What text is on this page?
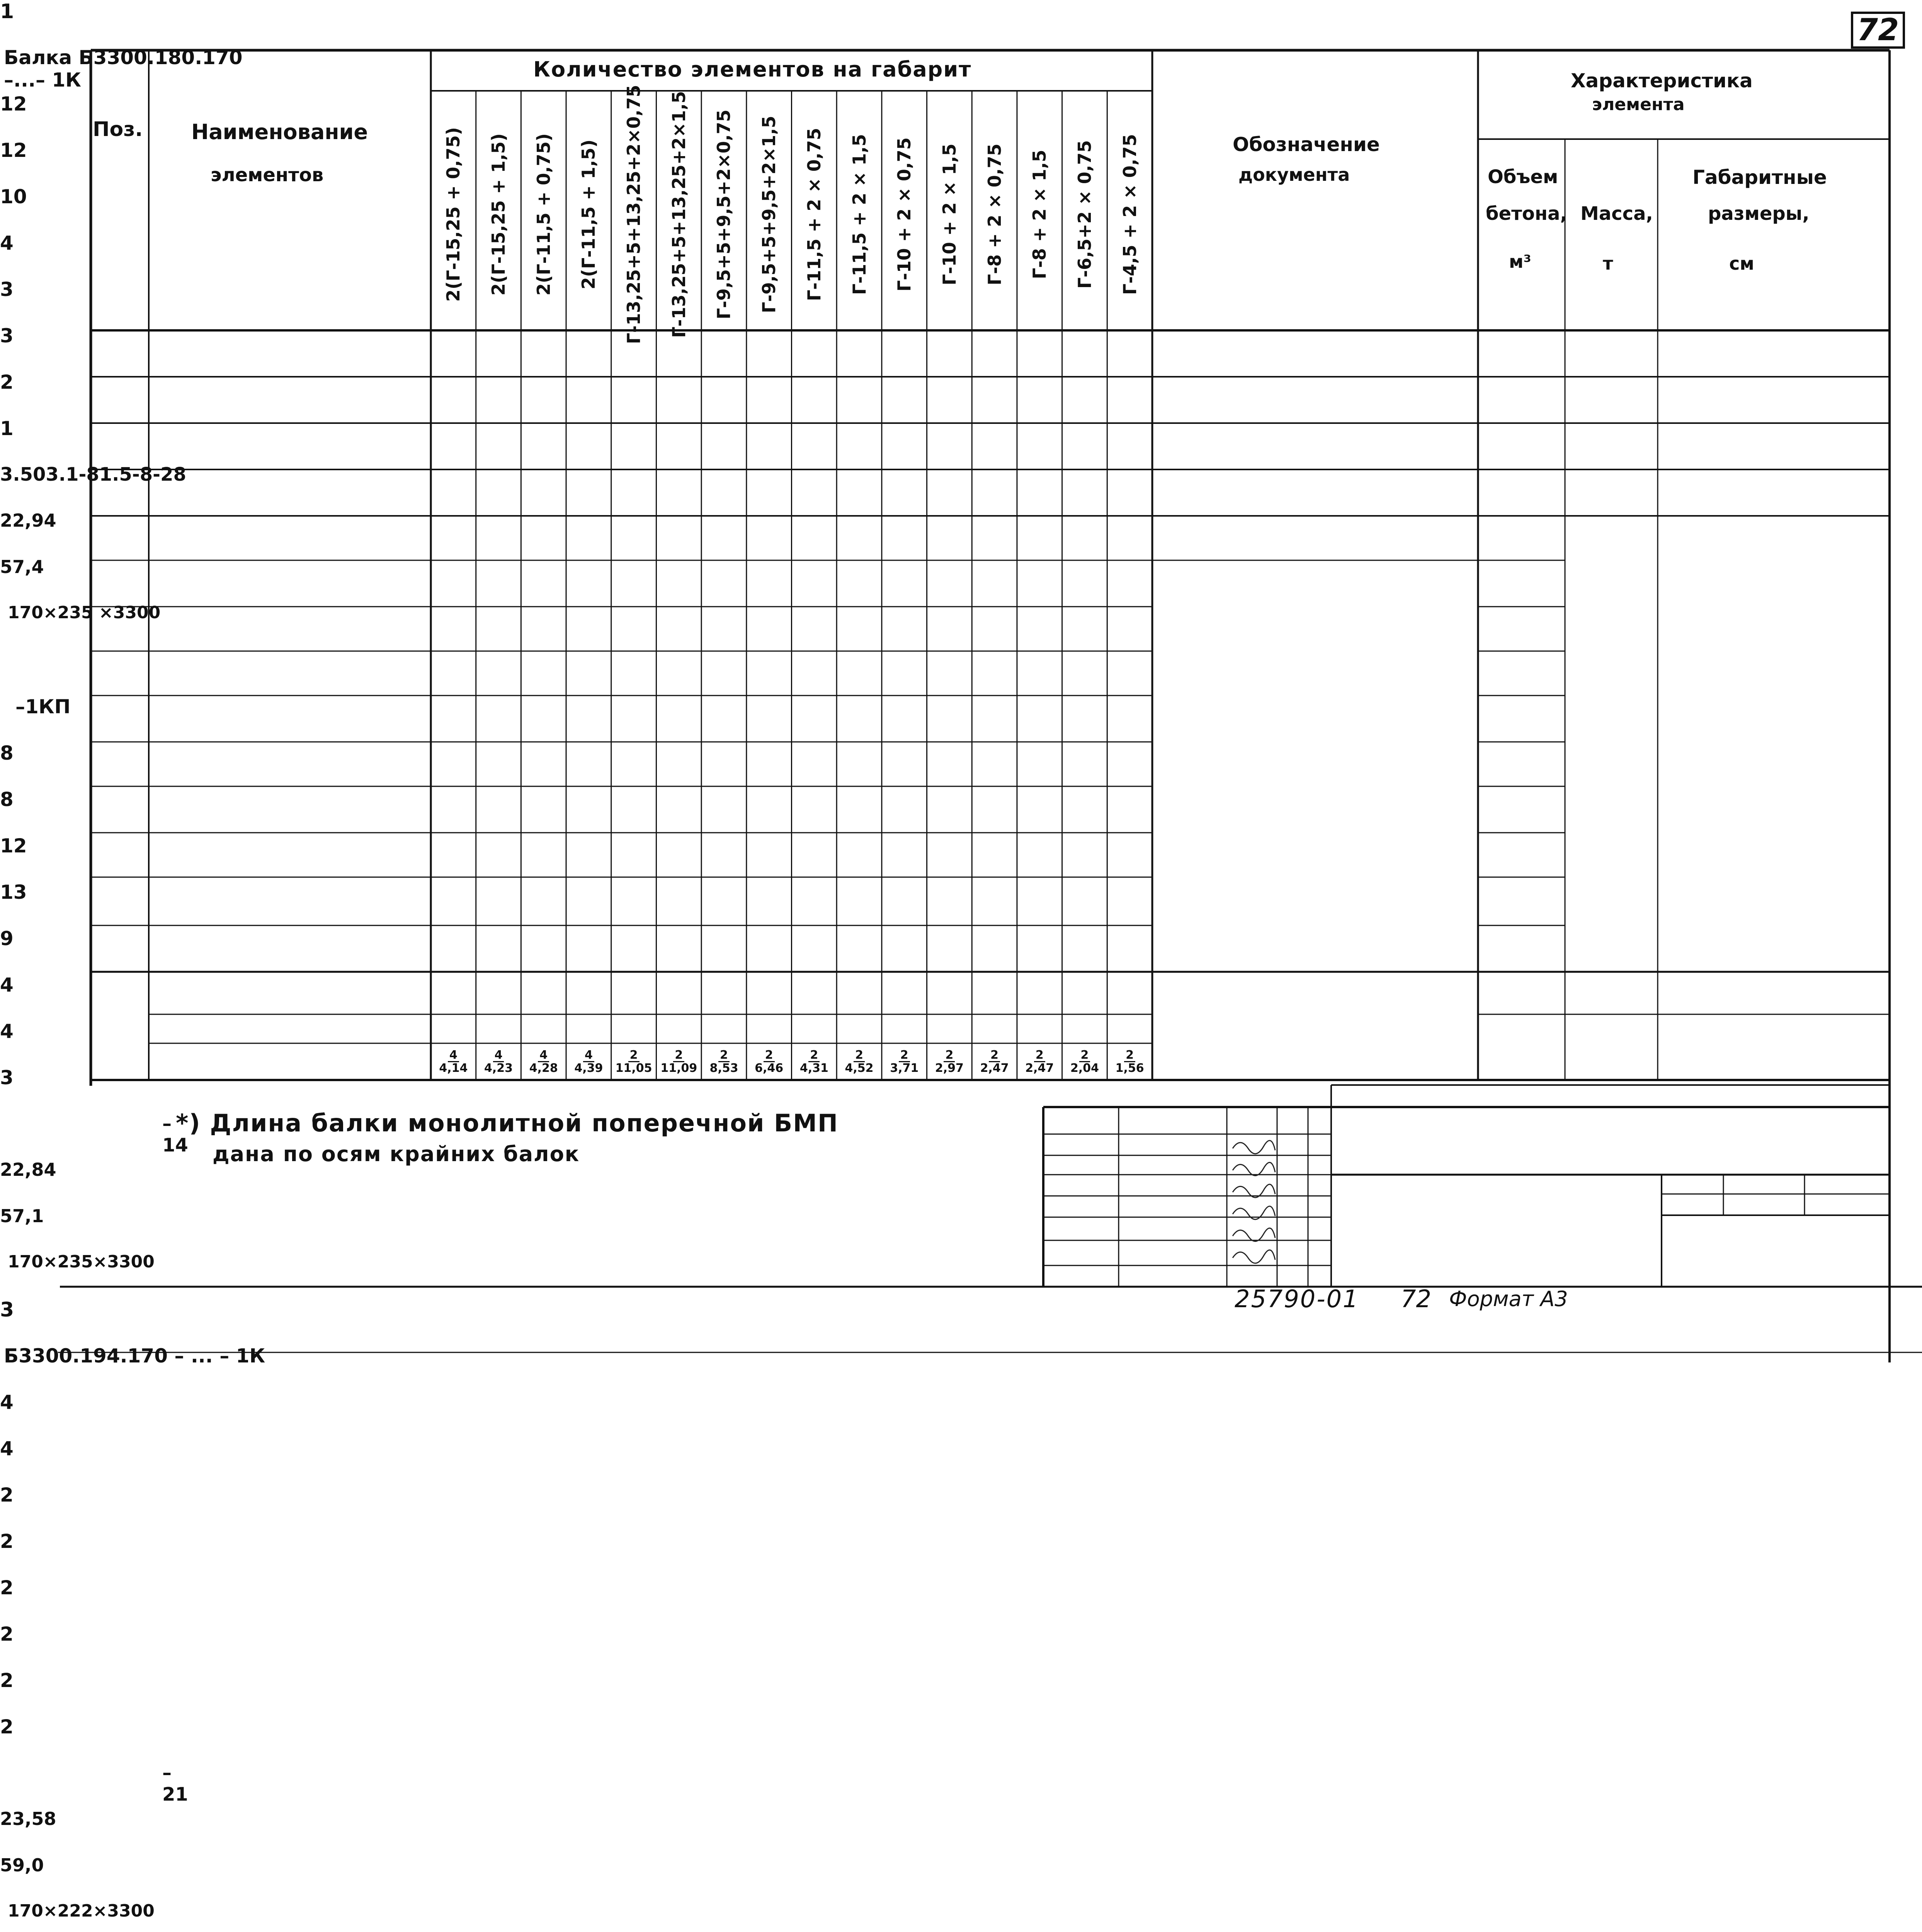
72
Поз. Наименование
элементов
Количество элементов на габарит
Обозначение
документа
Характеристика
элемента
Объем
бетона,
м³
Масса,
т
Габаритные
размеры,
см
2(Г-15,25 + 0,75) 2(Г-15,25 + 1,5) 2(Г-11,5 + 0,75) 2(Г-11,5 + 1,5) Г-13,25+5+13,25+2×0,75 Г-13,25+5+13,25+2×1,5 Г-9,5+5+9,5+2×0,75 Г-9,5+5+9,5+2×1,5 Г-11,5 + 2 × 0,75 Г-11,5 + 2 × 1,5 Г-10 + 2 × 0,75 Г-10 + 2 × 1,5 Г-8 + 2 × 0,75 Г-8 + 2 × 1,5 Г-6,5+2 × 0,75 Г-4,5 + 2 × 0,75
1
Балка Б3300.180.170 –...– 1К
12
12
10
4
3
3
2
1
3.503.1-81.5-8-28
22,94
57,4
170×235 ×3300
–1КП
8
8
12
13
9
4
4
3
–14
22,84
57,1
170×235×3300
3
Б3300.194.170 – ... – 1К
4
4
2
2
2
2
2
2
–21
23,58
59,0
170×222×3300
$\frac{4}{4,14} \frac{4}{4,23} \frac{4}{4,28} \frac{4}{4,39} \frac{2}{11,05} \frac{2}{11,09} \frac{2}{8,53} \frac{2}{6,46} \frac{2}{4,31} \frac{2}{4,52} \frac{2}{3,71} \frac{2}{2,97} \frac{2}{2,47} \frac{2}{2,47} \frac{2}{2,04} \frac{2}{1,56}$
*) Длина балки монолитной поперечной БМП
дана по осям крайних балок
25790-01 72 Формат А3
